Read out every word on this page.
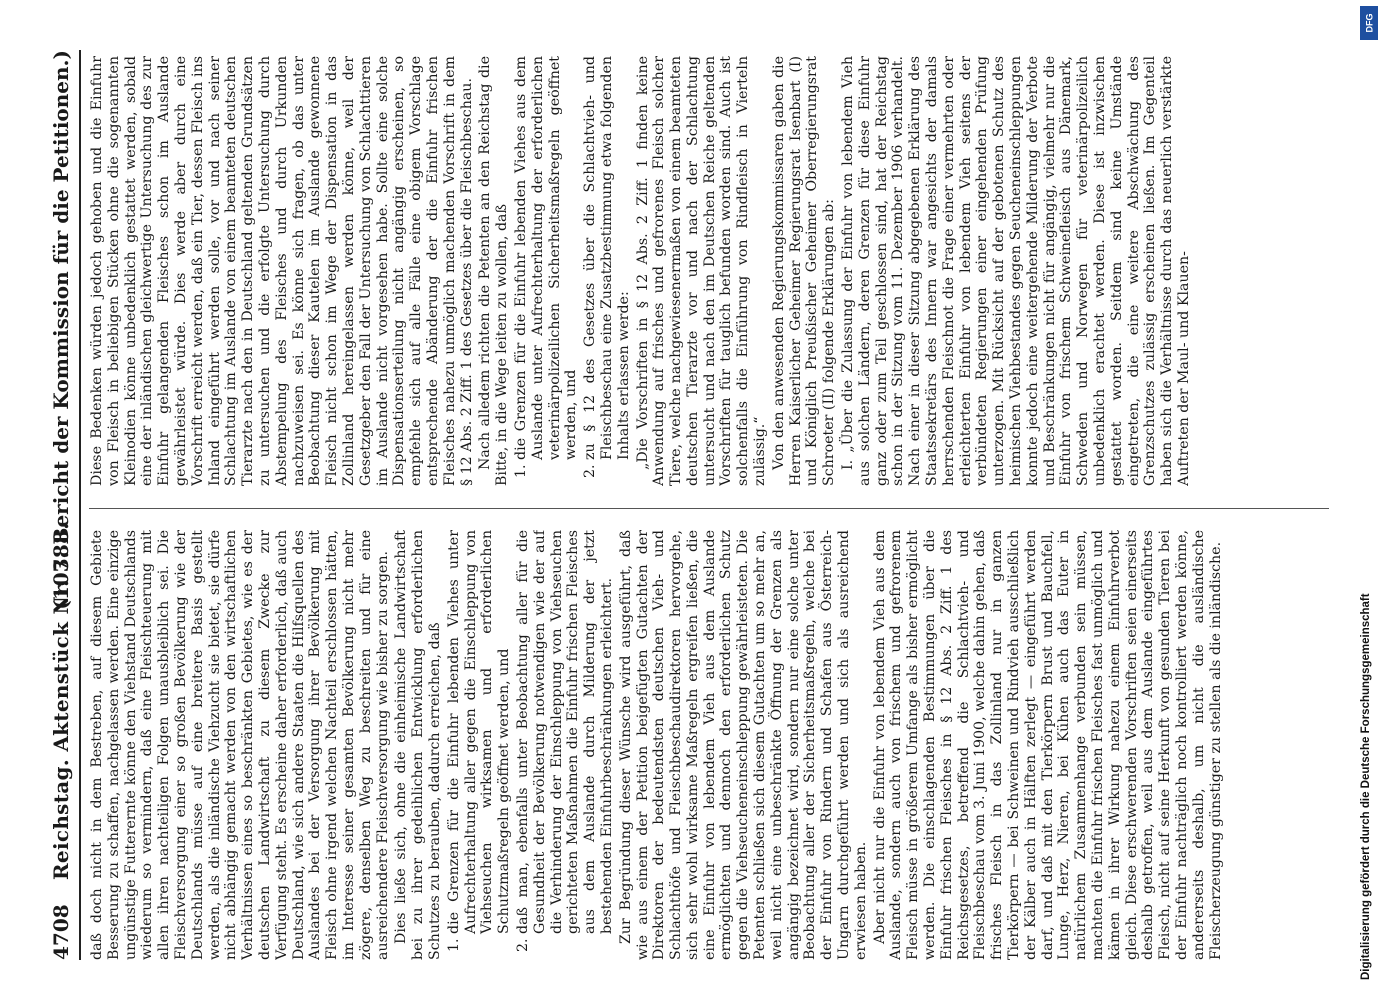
4708
Reichstag. Aktenstück Nr. 788.
(103. Bericht der Kommission für die Petitionen.)

daß doch nicht in dem Bestreben, auf diesem Gebiete Besserung zu schaffen, nachgelassen werden. Eine einzige ungünstige Futterernte könne den Viehstand Deutschlands wiederum so vermindern, daß eine Fleischteuerung mit allen ihren nachteiligen Folgen unausbleiblich sei. Die Fleischversorgung einer so großen Bevölkerung wie der Deutschlands müsse auf eine breitere Basis gestellt werden, als die inländische Viehzucht sie bietet, sie dürfe nicht abhängig gemacht werden von den wirtschaftlichen Verhältnissen eines so beschränkten Gebietes, wie es der deutschen Landwirtschaft zu diesem Zwecke zur Verfügung steht. Es erscheine daher erforderlich, daß auch Deutschland, wie sich andere Staaten die Hilfsquellen des Auslandes bei der Versorgung ihrer Bevölkerung mit Fleisch ohne irgend welchen Nachteil erschlossen hätten, im Interesse seiner gesamten Bevölkerung nicht mehr zögere, denselben Weg zu beschreiten und für eine ausreichendere Fleischversorgung wie bisher zu sorgen. Dies ließe sich, ohne die einheimische Landwirtschaft bei zu ihrer gedeihlichen Entwicklung erforderlichen Schutzes zu berauben, dadurch erreichen, daß 1. die Grenzen für die Einfuhr lebenden Viehes unter Aufrechterhaltung aller gegen die Einschleppung von Viehseuchen wirksamen und erforderlichen Schutzmaßregeln geöffnet werden, und 2. daß man, ebenfalls unter Beobachtung aller für die Gesundheit der Bevölkerung notwendigen wie der auf die Verhinderung der Einschleppung von Viehseuchen gerichteten Maßnahmen die Einfuhr frischen Fleisches aus dem Auslande durch Milderung der jetzt bestehenden Einfuhrbeschränkungen erleichtert. Zur Begründung dieser Wünsche wird ausgeführt, daß wie aus einem der Petition beigefügten Gutachten der Direktoren der bedeutendsten deutschen Vieh- und Schlachthöfe und Fleischbeschaudirektoren hervorgehe, sich sehr wohl wirksame Maßregeln ergreifen ließen, die eine Einfuhr von lebendem Vieh aus dem Auslande ermöglichten und dennoch den erforderlichen Schutz gegen die Viehseucheneinschleppung gewährleisteten. Die Petenten schließen sich diesem Gutachten um so mehr an, weil nicht eine unbeschränkte Öffnung der Grenzen als angängig bezeichnet wird, sondern nur eine solche unter Beobachtung aller der Sicherheitsmaßregeln, welche bei der Einfuhr von Rindern und Schafen aus Österreich-Ungarn durchgeführt werden und sich als ausreichend erwiesen haben. Aber nicht nur die Einfuhr von lebendem Vieh aus dem Auslande, sondern auch von frischem und gefrorenem Fleisch müsse in größerem Umfange als bisher ermöglicht werden. Die einschlagenden Bestimmungen über die Einfuhr frischen Fleisches in § 12 Abs. 2 Ziff. 1 des Reichsgesetzes, betreffend die Schlachtvieh- und Fleischbeschau vom 3. Juni 1900, welche dahin gehen, daß frisches Fleisch in das Zollinland nur in ganzen Tierkörpern — bei Schweinen und Rindvieh ausschließlich der Kälber auch in Hälften zerlegt — eingeführt werden darf, und daß mit den Tierkörpern Brust und Bauchfell, Lunge, Herz, Nieren, bei Kühen auch das Euter in natürlichem Zusammenhange verbunden sein müssen, machten die Einfuhr frischen Fleisches fast unmöglich und kämen in ihrer Wirkung nahezu einem Einfuhrverbot gleich. Diese erschwerenden Vorschriften seien einerseits deshalb getroffen, weil aus dem Auslande eingeführtes Fleisch, nicht auf seine Herkunft von gesunden Tieren bei der Einfuhr nachträglich noch kontrolliert werden könne, andererseits deshalb, um nicht die ausländische Fleischerzeugung günstiger zu stellen als die inländische.

Diese Bedenken würden jedoch gehoben und die Einfuhr von Fleisch in beliebigen Stücken ohne die sogenannten Kleinodien könne unbedenklich gestattet werden, sobald eine der inländischen gleichwertige Untersuchung des zur Einfuhr gelangenden Fleisches schon im Auslande gewährleistet würde. Dies werde aber durch eine Vorschrift erreicht werden, daß ein Tier, dessen Fleisch ins Inland eingeführt werden solle, vor und nach seiner Schlachtung im Auslande von einem beamteten deutschen Tierarzte nach den in Deutschland geltenden Grundsätzen zu untersuchen und die erfolgte Untersuchung durch Abstempelung des Fleisches und durch Urkunden nachzuweisen sei. Es könne sich fragen, ob das unter Beobachtung dieser Kautelen im Auslande gewonnene Fleisch nicht schon im Wege der Dispensation in das Zollinland hereingelassen werden könne, weil der Gesetzgeber den Fall der Untersuchung von Schlachttieren im Auslande nicht vorgesehen habe. Sollte eine solche Dispensationserteilung nicht angängig erscheinen, so empfehle sich auf alle Fälle eine obigem Vorschlage entsprechende Abänderung der die Einfuhr frischen Fleisches nahezu unmöglich machenden Vorschrift in dem § 12 Abs. 2 Ziff. 1 des Gesetzes über die Fleischbeschau. Nach alledem richten die Petenten an den Reichstag die Bitte, in die Wege leiten zu wollen, daß 1. die Grenzen für die Einfuhr lebenden Viehes aus dem Auslande unter Aufrechterhaltung der erforderlichen veterinärpolizeilichen Sicherheitsmaßregeln geöffnet werden, und 2. zu § 12 des Gesetzes über die Schlachtvieh- und Fleischbeschau eine Zusatzbestimmung etwa folgenden Inhalts erlassen werde: „Die Vorschriften in § 12 Abs. 2 Ziff. 1 finden keine Anwendung auf frisches und gefrorenes Fleisch solcher Tiere, welche nachgewiesenermaßen von einem beamteten deutschen Tierarzte vor und nach der Schlachtung untersucht und nach den im Deutschen Reiche geltenden Vorschriften für tauglich befunden worden sind. Auch ist solchenfalls die Einführung von Rindfleisch in Vierteln zulässig.“ Von den anwesenden Regierungskommissaren gaben die Herren Kaiserlicher Geheimer Regierungsrat Isenbart (I) und Königlich Preußischer Geheimer Oberregierungsrat Schroeter (II) folgende Erklärungen ab: I. „Über die Zulassung der Einfuhr von lebendem Vieh aus solchen Ländern, deren Grenzen für diese Einfuhr ganz oder zum Teil geschlossen sind, hat der Reichstag schon in der Sitzung vom 11. Dezember 1906 verhandelt. Nach einer in dieser Sitzung abgegebenen Erklärung des Staatssekretärs des Innern war angesichts der damals herrschenden Fleischnot die Frage einer vermehrten oder erleichterten Einfuhr von lebendem Vieh seitens der verbündeten Regierungen einer eingehenden Prüfung unterzogen. Mit Rücksicht auf der gebotenen Schutz des heimischen Viehbestandes gegen Seucheneinschleppungen konnte jedoch eine weitergehende Milderung der Verbote und Beschränkungen nicht für angängig, vielmehr nur die Einfuhr von frischem Schweinefleisch aus Dänemark, Schweden und Norwegen für veterinärpolizeilich unbedenklich erachtet werden. Diese ist inzwischen gestattet worden. Seitdem sind keine Umstände eingetreten, die eine weitere Abschwächung des Grenzschutzes zulässig erscheinen ließen. Im Gegenteil haben sich die Verhältnisse durch das neuerlich verstärkte Auftreten der Maul- und Klauen-

Digitalisierung gefördert durch die Deutsche Forschungsgemeinschaft
DFG
